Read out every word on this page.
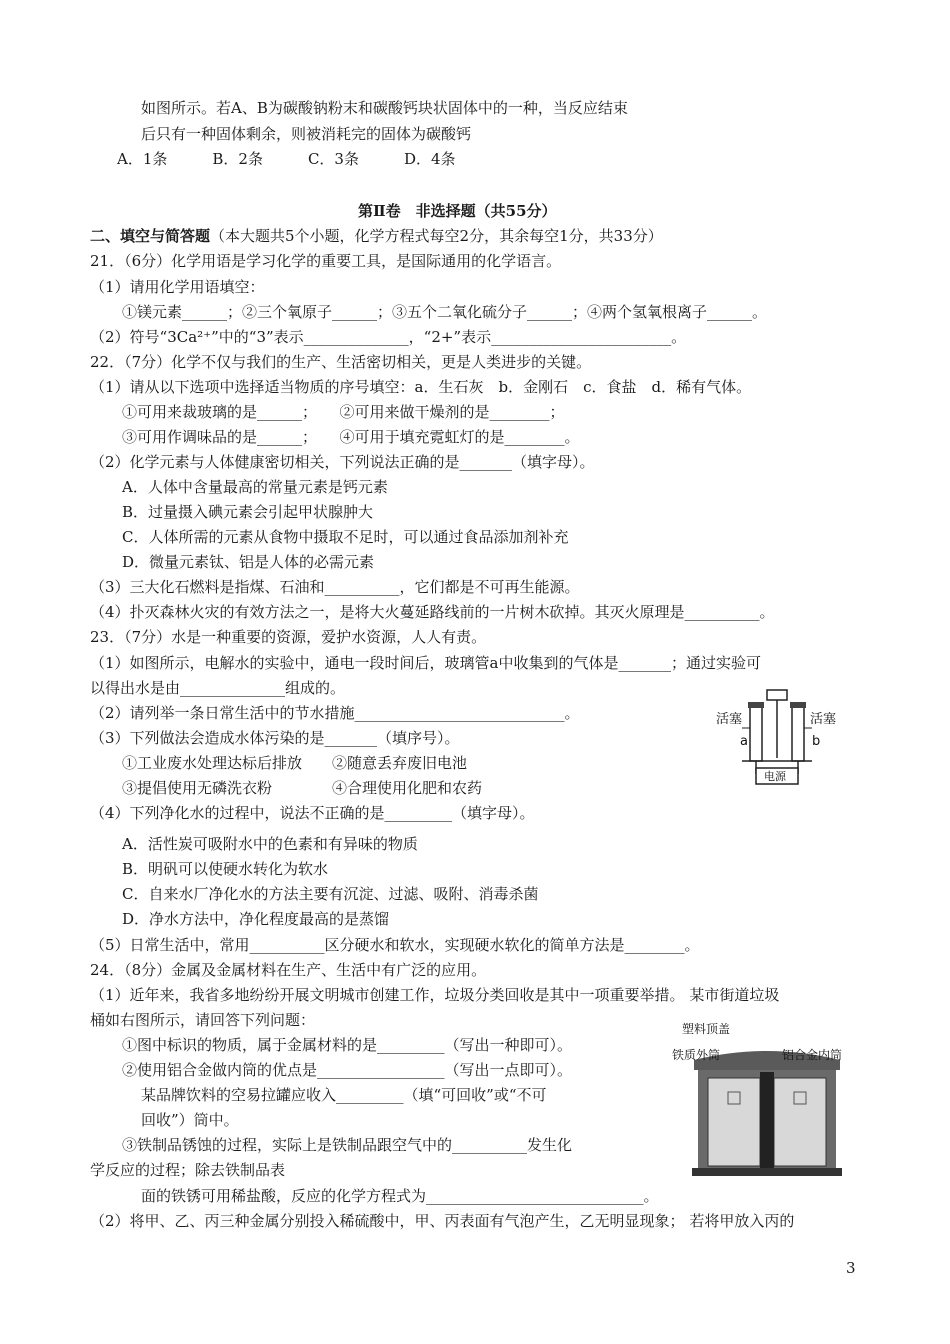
如图所示。若A、B为碳酸钠粉末和碳酸钙块状固体中的一种，当反应结束
后只有一种固体剩余，则被消耗完的固体为碳酸钙
A．1条　　　B．2条　　　C．3条　　　D．4条
第Ⅱ卷　非选择题（共55分）
二、填空与简答题（本大题共5个小题，化学方程式每空2分，其余每空1分，共33分）
21．（6分）化学用语是学习化学的重要工具，是国际通用的化学语言。
（1）请用化学用语填空：
①镁元素______；②三个氧原子______；③五个二氧化硫分子______；④两个氢氧根离子______。
（2）符号“3Ca²⁺”中的“3”表示______________，“2+”表示________________________。
22．（7分）化学不仅与我们的生产、生活密切相关，更是人类进步的关键。
（1）请从以下选项中选择适当物质的序号填空：a．生石灰　b．金刚石　c．食盐　d．稀有气体。
①可用来裁玻璃的是______；　　②可用来做干燥剂的是________；
③可用作调味品的是______；　　④可用于填充霓虹灯的是________。
（2）化学元素与人体健康密切相关，下列说法正确的是_______（填字母）。
A．人体中含量最高的常量元素是钙元素
B．过量摄入碘元素会引起甲状腺肿大
C．人体所需的元素从食物中摄取不足时，可以通过食品添加剂补充
D．微量元素钛、铝是人体的必需元素
（3）三大化石燃料是指煤、石油和__________，它们都是不可再生能源。
（4）扑灭森林火灾的有效方法之一，是将大火蔓延路线前的一片树木砍掉。其灭火原理是__________。
23．（7分）水是一种重要的资源，爱护水资源，人人有责。
（1）如图所示，电解水的实验中，通电一段时间后，玻璃管a中收集到的气体是_______；通过实验可
以得出水是由______________组成的。
（2）请列举一条日常生活中的节水措施____________________________。
（3）下列做法会造成水体污染的是_______（填序号）。
①工业废水处理达标后排放　　②随意丢弃废旧电池
③提倡使用无磷洗衣粉　　　　④合理使用化肥和农药
（4）下列净化水的过程中，说法不正确的是_________（填字母）。
A．活性炭可吸附水中的色素和有异味的物质
B．明矾可以使硬水转化为软水
C．自来水厂净化水的方法主要有沉淀、过滤、吸附、消毒杀菌
D．净水方法中，净化程度最高的是蒸馏
（5）日常生活中，常用__________区分硬水和软水，实现硬水软化的简单方法是________。
活塞	活塞
a	b
电源
24．（8分）金属及金属材料在生产、生活中有广泛的应用。
（1）近年来，我省多地纷纷开展文明城市创建工作，垃圾分类回收是其中一项重要举措。 某市街道垃圾
桶如右图所示，请回答下列问题：
①图中标识的物质，属于金属材料的是_________（写出一种即可）。
②使用铝合金做内筒的优点是_________________（写出一点即可）。
某品牌饮料的空易拉罐应收入_________（填“可回收”或“不可
回收”）筒中。
③铁制品锈蚀的过程，实际上是铁制品跟空气中的__________发生化
学反应的过程；除去铁制品表
面的铁锈可用稀盐酸，反应的化学方程式为_____________________________。
（2）将甲、乙、丙三种金属分别投入稀硫酸中，甲、丙表面有气泡产生，乙无明显现象； 若将甲放入丙的
塑料顶盖
铁质外筒	铝合金内筒
3
